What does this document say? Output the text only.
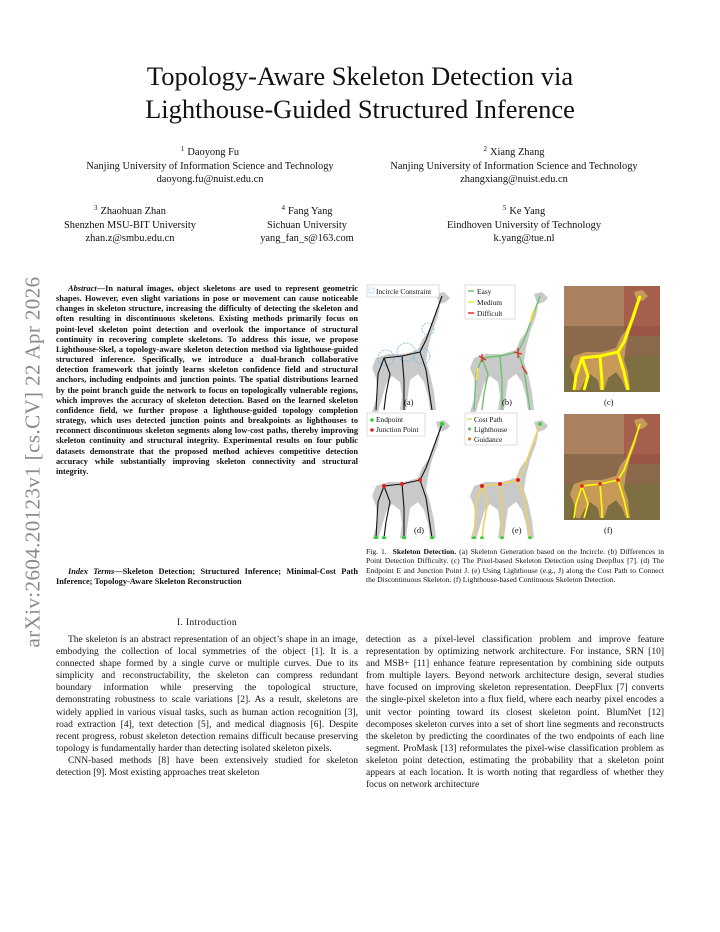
arXiv:2604.20123v1 [cs.CV] 22 Apr 2026
Topology-Aware Skeleton Detection via
Lighthouse-Guided Structured Inference
$^1$ Daoyong Fu
Nanjing University of Information Science and Technology
daoyong.fu@nuist.edu.cn
$^2$ Xiang Zhang
Nanjing University of Information Science and Technology
zhangxiang@nuist.edu.cn
$^3$ Zhaohuan Zhan
Shenzhen MSU-BIT University
zhan.z@smbu.edu.cn
$^4$ Fang Yang
Sichuan University
yang_fan_s@163.com
$^5$ Ke Yang
Eindhoven University of Technology
k.yang@tue.nl
Abstract—In natural images, object skeletons are used to represent geometric shapes. However, even slight variations in pose or movement can cause noticeable changes in skeleton structure, increasing the difficulty of detecting the skeleton and often resulting in discontinuous skeletons. Existing methods primarily focus on point-level skeleton point detection and overlook the importance of structural continuity in recovering complete skeletons. To address this issue, we propose Lighthouse-Skel, a topology-aware skeleton detection method via lighthouse-guided structured inference. Specifically, we introduce a dual-branch collaborative detection framework that jointly learns skeleton confidence field and structural anchors, including endpoints and junction points. The spatial distributions learned by the point branch guide the network to focus on topologically vulnerable regions, which improves the accuracy of skeleton detection. Based on the learned skeleton confidence field, we further propose a lighthouse-guided topology completion strategy, which uses detected junction points and breakpoints as lighthouses to reconnect discontinuous skeleton segments along low-cost paths, thereby improving skeleton continuity and structural integrity. Experimental results on four public datasets demonstrate that the proposed method achieves competitive detection accuracy while substantially improving skeleton connectivity and structural integrity.
Index Terms—Skeleton Detection; Structured Inference; Minimal-Cost Path Inference; Topology-Aware Skeleton Reconstruction
I. Introduction

The skeleton is an abstract representation of an object’s shape in an image, embodying the collection of local symmetries of the object [1]. It is a connected shape formed by a single curve or multiple curves. Due to its simplicity and reconstructability, the skeleton can compress redundant boundary information while preserving the topological structure, demonstrating robustness to scale variations [2]. As a result, skeletons are widely applied in various visual tasks, such as human action recognition [3], road extraction [4], text detection [5], and medical diagnosis [6]. Despite recent progress, robust skeleton detection remains difficult because preserving topology is fundamentally harder than detecting isolated skeleton pixels.

CNN-based methods [8] have been extensively studied for skeleton detection [9]. Most existing approaches treat skeleton

detection as a pixel-level classification problem and improve feature representation by optimizing network architecture. For instance, SRN [10] and MSB+ [11] enhance feature representation by combining side outputs from multiple layers. Beyond network architecture design, several studies have focused on improving skeleton representation. DeepFlux [7] converts the single-pixel skeleton into a flux field, where each nearby pixel encodes a unit vector pointing toward its closest skeleton point. BlumNet [12] decomposes skeleton curves into a set of short line segments and reconstructs the skeleton by predicting the coordinates of the two endpoints of each line segment. ProMask [13] reformulates the pixel-wise classification problem as skeleton point detection, estimating the probability that a skeleton point appears at each location. It is worth noting that regardless of whether they focus on network architecture

Incircle Constraint
(a)
Easy
Medium
Difficult
(b)	(c)
Endpoint
Junction Point
(d)
Cost Path
Lighthouse
Guidance
(e)	(f)
Fig. 1. Skeleton Detection. (a) Skeleton Generation based on the Incircle. (b) Differences in Point Detection Difficulty. (c) The Pixel-based Skeleton Detection using Deepflux [7]. (d) The Endpoint E and Junction Point J. (e) Using Lighthouse (e.g., J) along the Cost Path to Connect the Discontinuous Skeleton. (f) Lighthouse-based Continuous Skeleton Detection.
